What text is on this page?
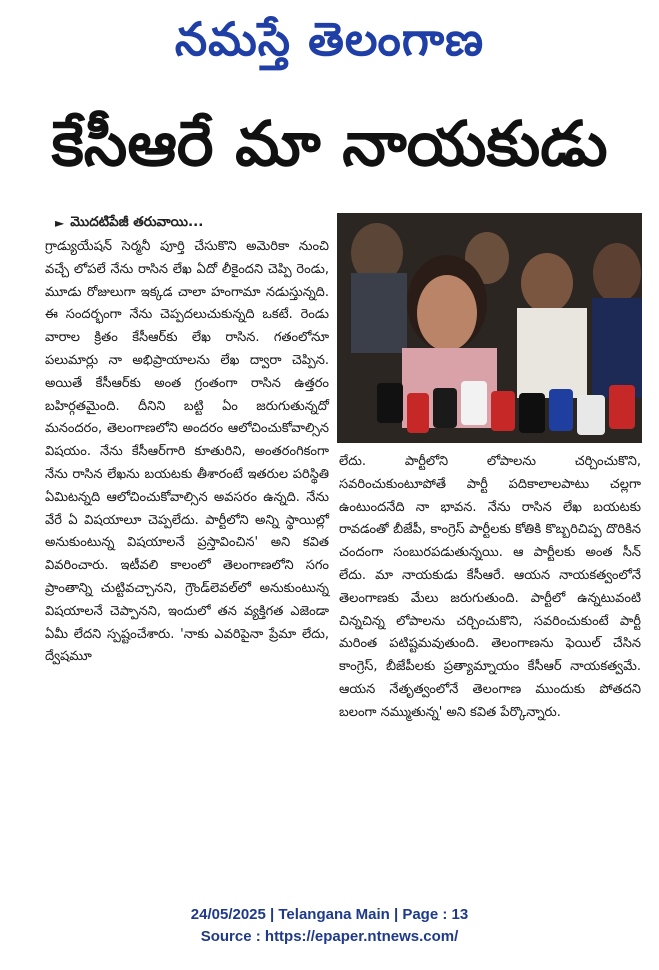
నమస్తే తెలంగాణ
కేసీఆరే మా నాయకుడు
► మొదటిపేజీ తరువాయి...

గ్రాడ్యుయేషన్ సెర్మనీ పూర్తి చేసుకొని అమెరికా నుంచి వచ్చే లోపలే నేను రాసిన లేఖ ఏదో లీకైందని చెప్పి రెండు, మూడు రోజులుగా ఇక్కడ చాలా హంగామా నడుస్తున్నది. ఈ సందర్భంగా నేను చెప్పదలుచుకున్నది ఒకటే. రెండు వారాల క్రితం కేసీఆర్‌కు లేఖ రాసిన. గతంలోనూ పలుమార్లు నా అభిప్రాయాలను లేఖ ద్వారా చెప్పిన. అయితే కేసీఆర్‌కు అంత గ్రంతంగా రాసిన ఉత్తరం బహిర్గతమైంది. దీనిని బట్టి ఏం జరుగుతున్నదో మనందరం, తెలంగాణలోని అందరం ఆలోచించుకోవాల్సిన విషయం. నేను కేసీఆర్‌గారి కూతురిని, అంతరంగికంగా నేను రాసిన లేఖను బయటకు తీశారంటే ఇతరుల పరిస్థితి ఏమిటన్నది ఆలోచించుకోవాల్సిన అవసరం ఉన్నది. నేను వేరే ఏ విషయాలూ చెప్పలేదు. పార్టీలోని అన్ని స్థాయిల్లో అనుకుంటున్న విషయాలనే ప్రస్తావించిన' అని కవిత వివరించారు. ఇటీవలి కాలంలో తెలంగాణలోని సగం ప్రాంతాన్ని చుట్టివచ్చానని, గ్రౌండ్‌లెవల్‌లో అనుకుంటున్న విషయాలనే చెప్పానని, ఇందులో తన వ్యక్తిగత ఎజెండా ఏమీ లేదని స్పష్టంచేశారు. 'నాకు ఎవరిపైనా ప్రేమా లేదు, ద్వేషమూ

లేదు. పార్టీలోని లోపాలను చర్చించుకొని, సవరించుకుంటూపోతే పార్టీ పదికాలాలపాటు చల్లగా ఉంటుందనేది నా భావన. నేను రాసిన లేఖ బయటకు రావడంతో బీజేపీ, కాంగ్రెస్ పార్టీలకు కోతికి కొబ్బరిచిప్ప దొరికిన చందంగా సంబురపడుతున్నయి. ఆ పార్టీలకు అంత సీన్ లేదు. మా నాయకుడు కేసీఆరే. ఆయన నాయకత్వంలోనే తెలంగాణకు మేలు జరుగుతుంది. పార్టీలో ఉన్నటువంటి చిన్నచిన్న లోపాలను చర్చించుకొని, సవరించుకుంటే పార్టీ మరింత పటిష్టమవుతుంది. తెలంగాణను ఫెయిల్ చేసిన కాంగ్రెస్, బీజేపీలకు ప్రత్యామ్నాయం కేసీఆర్ నాయకత్వమే. ఆయన నేతృత్వంలోనే తెలంగాణ ముందుకు పోతదని బలంగా నమ్ముతున్న' అని కవిత పేర్కొన్నారు.

24/05/2025 | Telangana Main | Page : 13
Source : https://epaper.ntnews.com/
